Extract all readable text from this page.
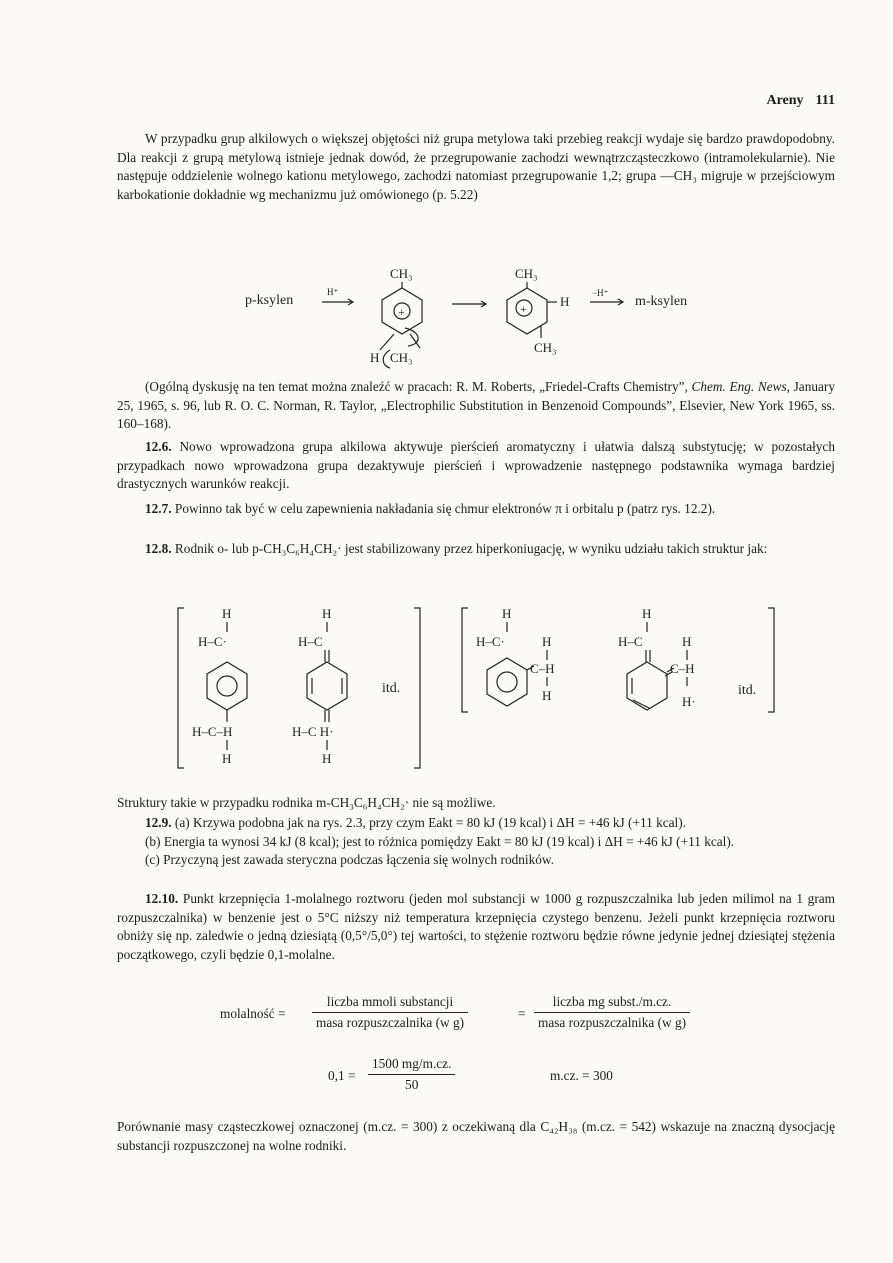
Areny 111

W przypadku grup alkilowych o większej objętości niż grupa metylowa taki przebieg reakcji wydaje się bardzo prawdopodobny. Dla reakcji z grupą metylową istnieje jednak dowód, że przegrupowanie zachodzi wewnątrzcząsteczkowo (intramolekularnie). Nie następuje oddzielenie wolnego kationu metylowego, zachodzi natomiast przegrupowanie 1,2; grupa —CH₃ migruje w przejściowym karbokationie dokładnie wg mechanizmu już omówionego (p. 5.22)

p-ksylen
H⁺
CH₃
+
H CH₃
CH₃
+	H
CH₃
−H⁺
m-ksylen

(Ogólną dyskusję na ten temat można znaleźć w pracach: R. M. Roberts, „Friedel-Crafts Chemistry”, Chem. Eng. News, January 25, 1965, s. 96, lub R. O. C. Norman, R. Taylor, „Electrophilic Substitution in Benzenoid Compounds”, Elsevier, New York 1965, ss. 160–168).

12.6. Nowo wprowadzona grupa alkilowa aktywuje pierścień aromatyczny i ułatwia dalszą substytucję; w pozostałych przypadkach nowo wprowadzona grupa dezaktywuje pierścień i wprowadzenie następnego podstawnika wymaga bardziej drastycznych warunków reakcji.

12.7. Powinno tak być w celu zapewnienia nakładania się chmur elektronów π i orbitalu p (patrz rys. 12.2).

12.8. Rodnik o- lub p-CH₃C₆H₄CH₂· jest stabilizowany przez hiperkoniugację, w wyniku udziału takich struktur jak:

H
H–C·
H–C–H
H
H
H–C
H–C H·
H
itd.
H
H–C·	H
C–H
H
H
H–C	H
C–H
H·
itd.

Struktury takie w przypadku rodnika m-CH₃C₆H₄CH₂· nie są możliwe.

12.9. (a) Krzywa podobna jak na rys. 2.3, przy czym Eakt = 80 kJ (19 kcal) i ΔH = +46 kJ (+11 kcal).

(b) Energia ta wynosi 34 kJ (8 kcal); jest to różnica pomiędzy Eakt = 80 kJ (19 kcal) i ΔH = +46 kJ (+11 kcal).

(c) Przyczyną jest zawada steryczna podczas łączenia się wolnych rodników.

12.10. Punkt krzepnięcia 1-molalnego roztworu (jeden mol substancji w 1000 g rozpuszczalnika lub jeden milimol na 1 gram rozpuszczalnika) w benzenie jest o 5°C niższy niż temperatura krzepnięcia czystego benzenu. Jeżeli punkt krzepnięcia roztworu obniży się np. zaledwie o jedną dziesiątą (0,5°/5,0°) tej wartości, to stężenie roztworu będzie równe jedynie jednej dziesiątej stężenia początkowego, czyli będzie 0,1-molalne.

molalność =
liczba mmoli substancji
masa rozpuszczalnika (w g)
=
liczba mg subst./m.cz.
masa rozpuszczalnika (w g)
$0,1 = \frac{1500 mg/m.cz.}{50}$	m.cz. = 300

Porównanie masy cząsteczkowej oznaczonej (m.cz. = 300) z oczekiwaną dla C₄₂H₃₈ (m.cz. = 542) wskazuje na znaczną dysocjację substancji rozpuszczonej na wolne rodniki.
